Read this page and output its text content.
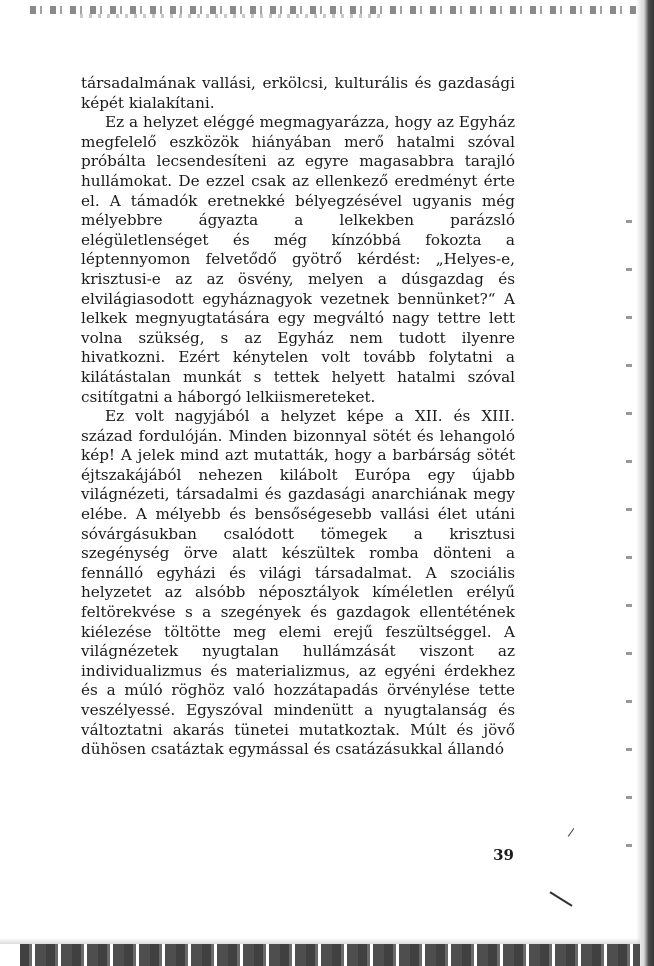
társadalmának vallási, erkölcsi, kulturális és gazdasági képét kialakítani.

Ez a helyzet eléggé megmagyarázza, hogy az Egyház megfelelő eszközök hiányában merő hatalmi szóval próbálta lecsendesíteni az egyre magasabbra tarajló hullámokat. De ezzel csak az ellenkező eredményt érte el. A támadók eretnekké bélyegzésével ugyanis még mélyebbre ágyazta a lelkekben parázsló elégületlenséget és még kínzóbbá fokozta a léptennyomon felvetődő gyötrő kérdést: „Helyes-e, krisztusi-e az az ösvény, melyen a dúsgazdag és elvilágiasodott egyháznagyok vezetnek bennünket?“ A lelkek megnyugtatására egy megváltó nagy tettre lett volna szükség, s az Egyház nem tudott ilyenre hivatkozni. Ezért kénytelen volt tovább folytatni a kilátástalan munkát s tettek helyett hatalmi szóval csitítgatni a háborgó lelkiismereteket.

Ez volt nagyjából a helyzet képe a XII. és XIII. század fordulóján. Minden bizonnyal sötét és lehangoló kép! A jelek mind azt mutatták, hogy a barbárság sötét éjtszakájából nehezen kilábolt Európa egy újabb világnézeti, társadalmi és gazdasági anarchiának megy elébe. A mélyebb és bensőségesebb vallási élet utáni sóvárgásukban csalódott tömegek a krisztusi szegénység örve alatt készültek romba dönteni a fennálló egyházi és világi társadalmat. A szociális helyzetet az alsóbb néposztályok kíméletlen erélyű feltörekvése s a szegények és gazdagok ellentétének kiélezése töltötte meg elemi erejű feszültséggel. A világnézetek nyugtalan hullámzását viszont az individualizmus és materializmus, az egyéni érdekhez és a múló röghöz való hozzátapadás örvénylése tette veszélyessé. Egyszóval mindenütt a nyugtalanság és változtatni akarás tünetei mutatkoztak. Múlt és jövő dühösen csatáztak egymással és csatázásukkal állandó

39
